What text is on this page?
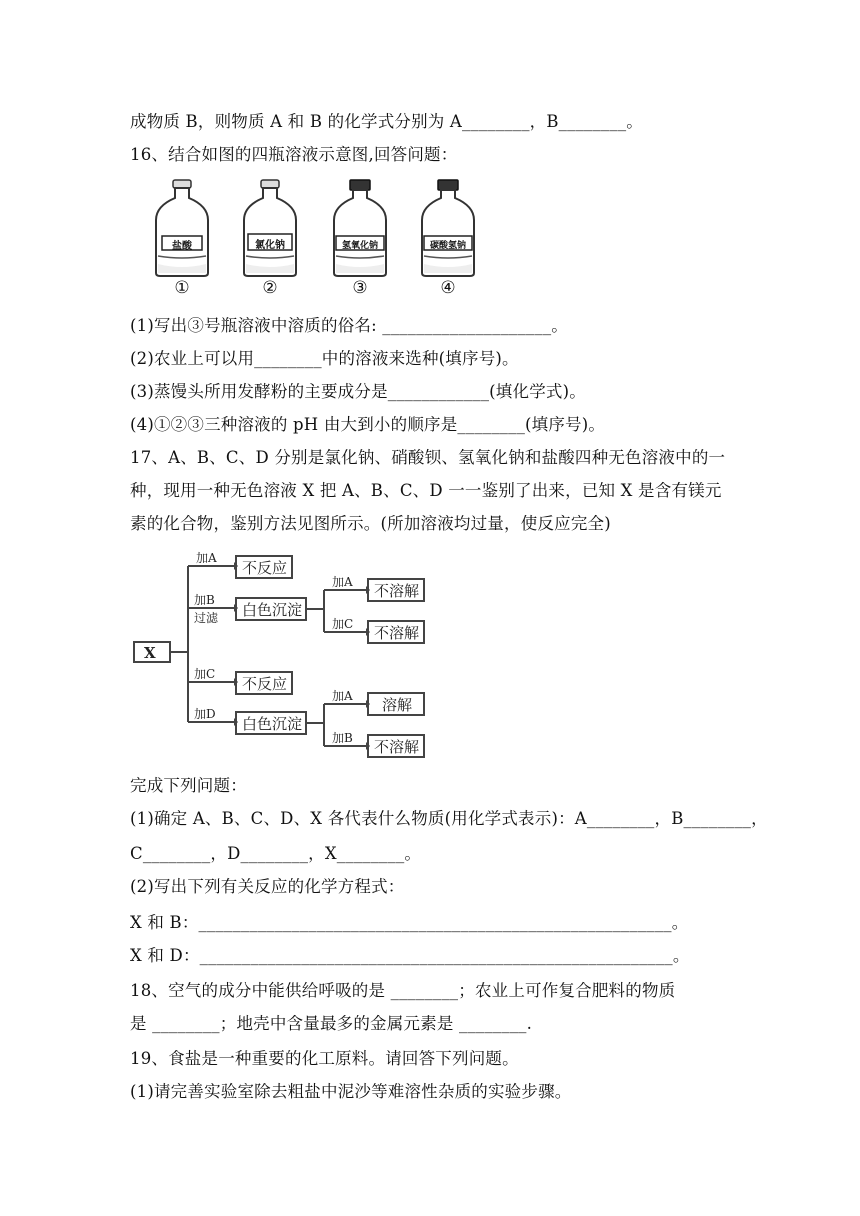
成物质 B，则物质 A 和 B 的化学式分别为 A________，B________。
16、结合如图的四瓶溶液示意图,回答问题：
盐酸	氯化钠	氢氧化钠	碳酸氢钠
①	②	③	④
(1)写出③号瓶溶液中溶质的俗名: ____________________。
(2)农业上可以用________中的溶液来选种(填序号)。
(3)蒸馒头所用发酵粉的主要成分是____________(填化学式)。
(4)①②③三种溶液的 pH 由大到小的顺序是________(填序号)。
17、A、B、C、D 分别是氯化钠、硝酸钡、氢氧化钠和盐酸四种无色溶液中的一
种，现用一种无色溶液 X 把 A、B、C、D 一一鉴别了出来，已知 X 是含有镁元
素的化合物，鉴别方法见图所示。(所加溶液均过量，使反应完全)
X
不反应
白色沉淀
不反应
白色沉淀
不溶解
不溶解
溶解
不溶解
加A
加B
过滤
加C
加D
加A
加C
加A
加B
完成下列问题：
(1)确定 A、B、C、D、X 各代表什么物质(用化学式表示)：A________，B________，
C________，D________，X________。
(2)写出下列有关反应的化学方程式：
X 和 B：________________________________________________________。
X 和 D：________________________________________________________。
18、空气的成分中能供给呼吸的是 ________；农业上可作复合肥料的物质
是 ________；地壳中含量最多的金属元素是 ________.
19、食盐是一种重要的化工原料。请回答下列问题。
(1)请完善实验室除去粗盐中泥沙等难溶性杂质的实验步骤。
